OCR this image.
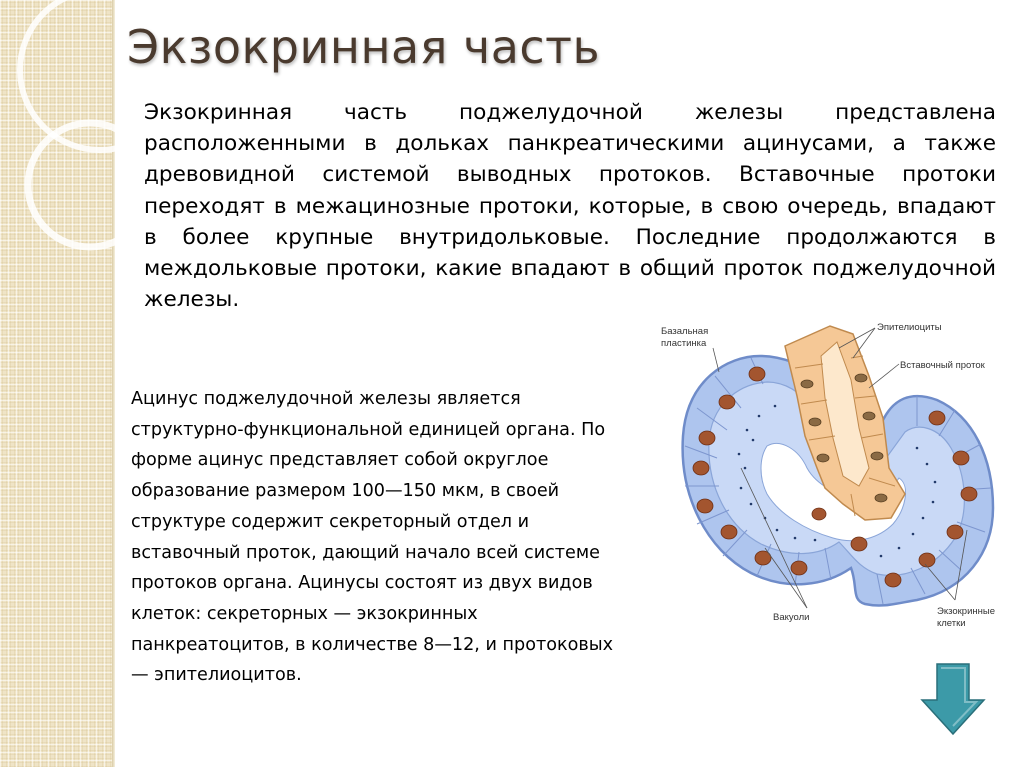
Экзокринная часть

Экзокринная часть поджелудочной железы представлена расположенными в дольках панкреатическими ацинусами, а также древовидной системой выводных протоков. Вставочные протоки переходят в межацинозные протоки, которые, в свою очередь, впадают в более крупные внутридольковые. Последние продолжаются в междольковые протоки, какие впадают в общий проток поджелудочной железы.

Ацинус поджелудочной железы является
структурно-функциональной единицей органа. По
форме ацинус представляет собой округлое
образование размером 100—150 мкм, в своей
структуре содержит секреторный отдел и
вставочный проток, дающий начало всей системе
протоков органа. Ацинусы состоят из двух видов
клеток: секреторных — экзокринных
панкреатоцитов, в количестве 8—12, и протоковых
— эпителиоцитов.
Базальная
пластинка
Эпителиоциты
Вставочный проток
Вакуоли
Экзокринные
клетки
